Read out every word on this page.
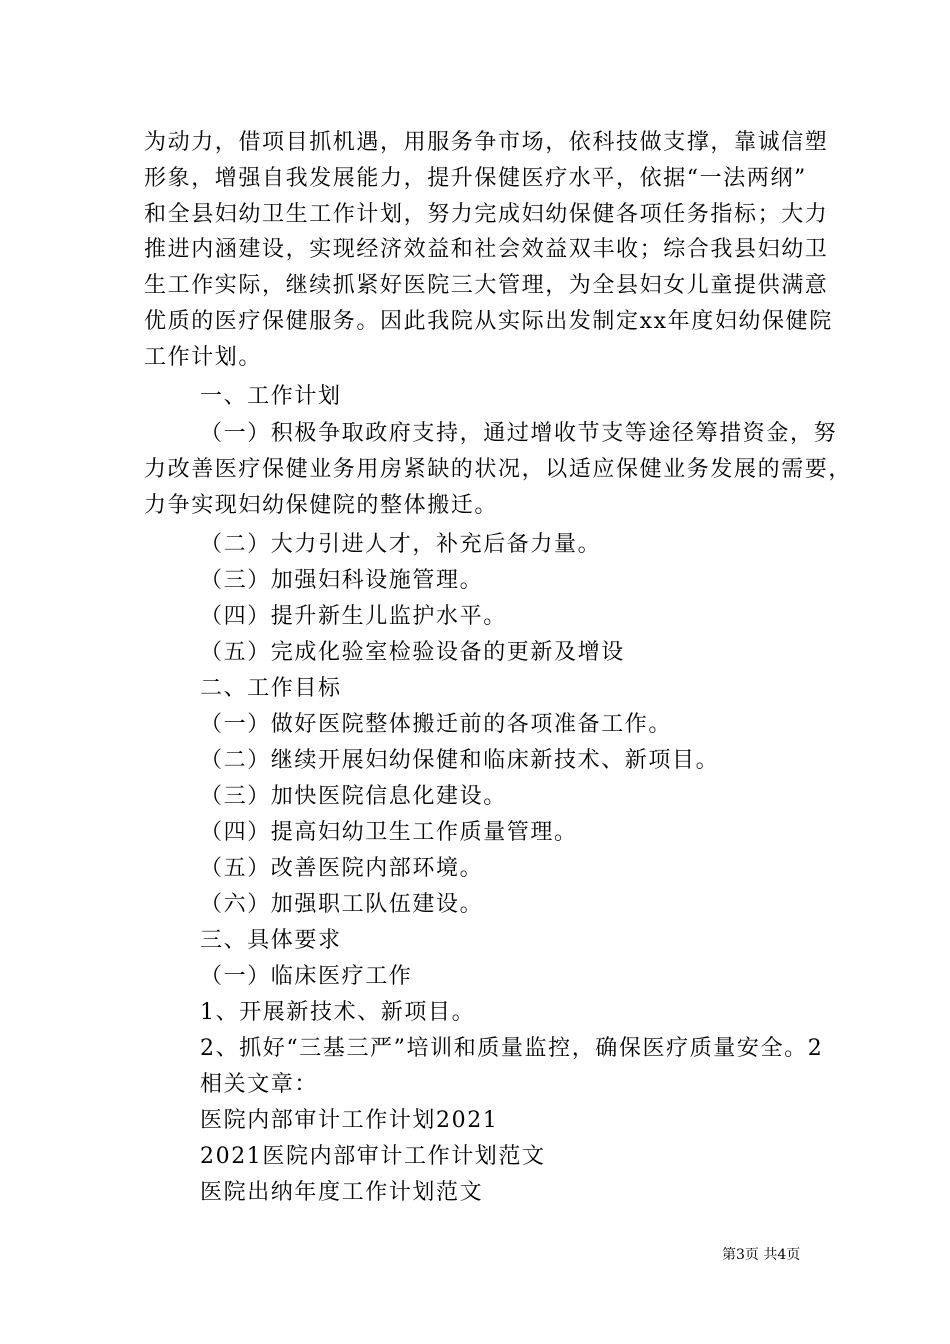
为动力，借项目抓机遇，用服务争市场，依科技做支撑，靠诚信塑
形象，增强自我发展能力，提升保健医疗水平，依据“一法两纲”
和全县妇幼卫生工作计划，努力完成妇幼保健各项任务指标；大力
推进内涵建设，实现经济效益和社会效益双丰收；综合我县妇幼卫
生工作实际，继续抓紧好医院三大管理，为全县妇女儿童提供满意
优质的医疗保健服务。因此我院从实际出发制定xx年度妇幼保健院
工作计划。
一、工作计划
（一）积极争取政府支持，通过增收节支等途径筹措资金，努
力改善医疗保健业务用房紧缺的状况，以适应保健业务发展的需要，
力争实现妇幼保健院的整体搬迁。
（二）大力引进人才，补充后备力量。
（三）加强妇科设施管理。
（四）提升新生儿监护水平。
（五）完成化验室检验设备的更新及增设
二、工作目标
（一）做好医院整体搬迁前的各项准备工作。
（二）继续开展妇幼保健和临床新技术、新项目。
（三）加快医院信息化建设。
（四）提高妇幼卫生工作质量管理。
（五）改善医院内部环境。
（六）加强职工队伍建设。
三、具体要求
（一）临床医疗工作
1、开展新技术、新项目。
2、抓好“三基三严”培训和质量监控，确保医疗质量安全。2
相关文章：
医院内部审计工作计划2021
2021医院内部审计工作计划范文
医院出纳年度工作计划范文
第3页 共4页
